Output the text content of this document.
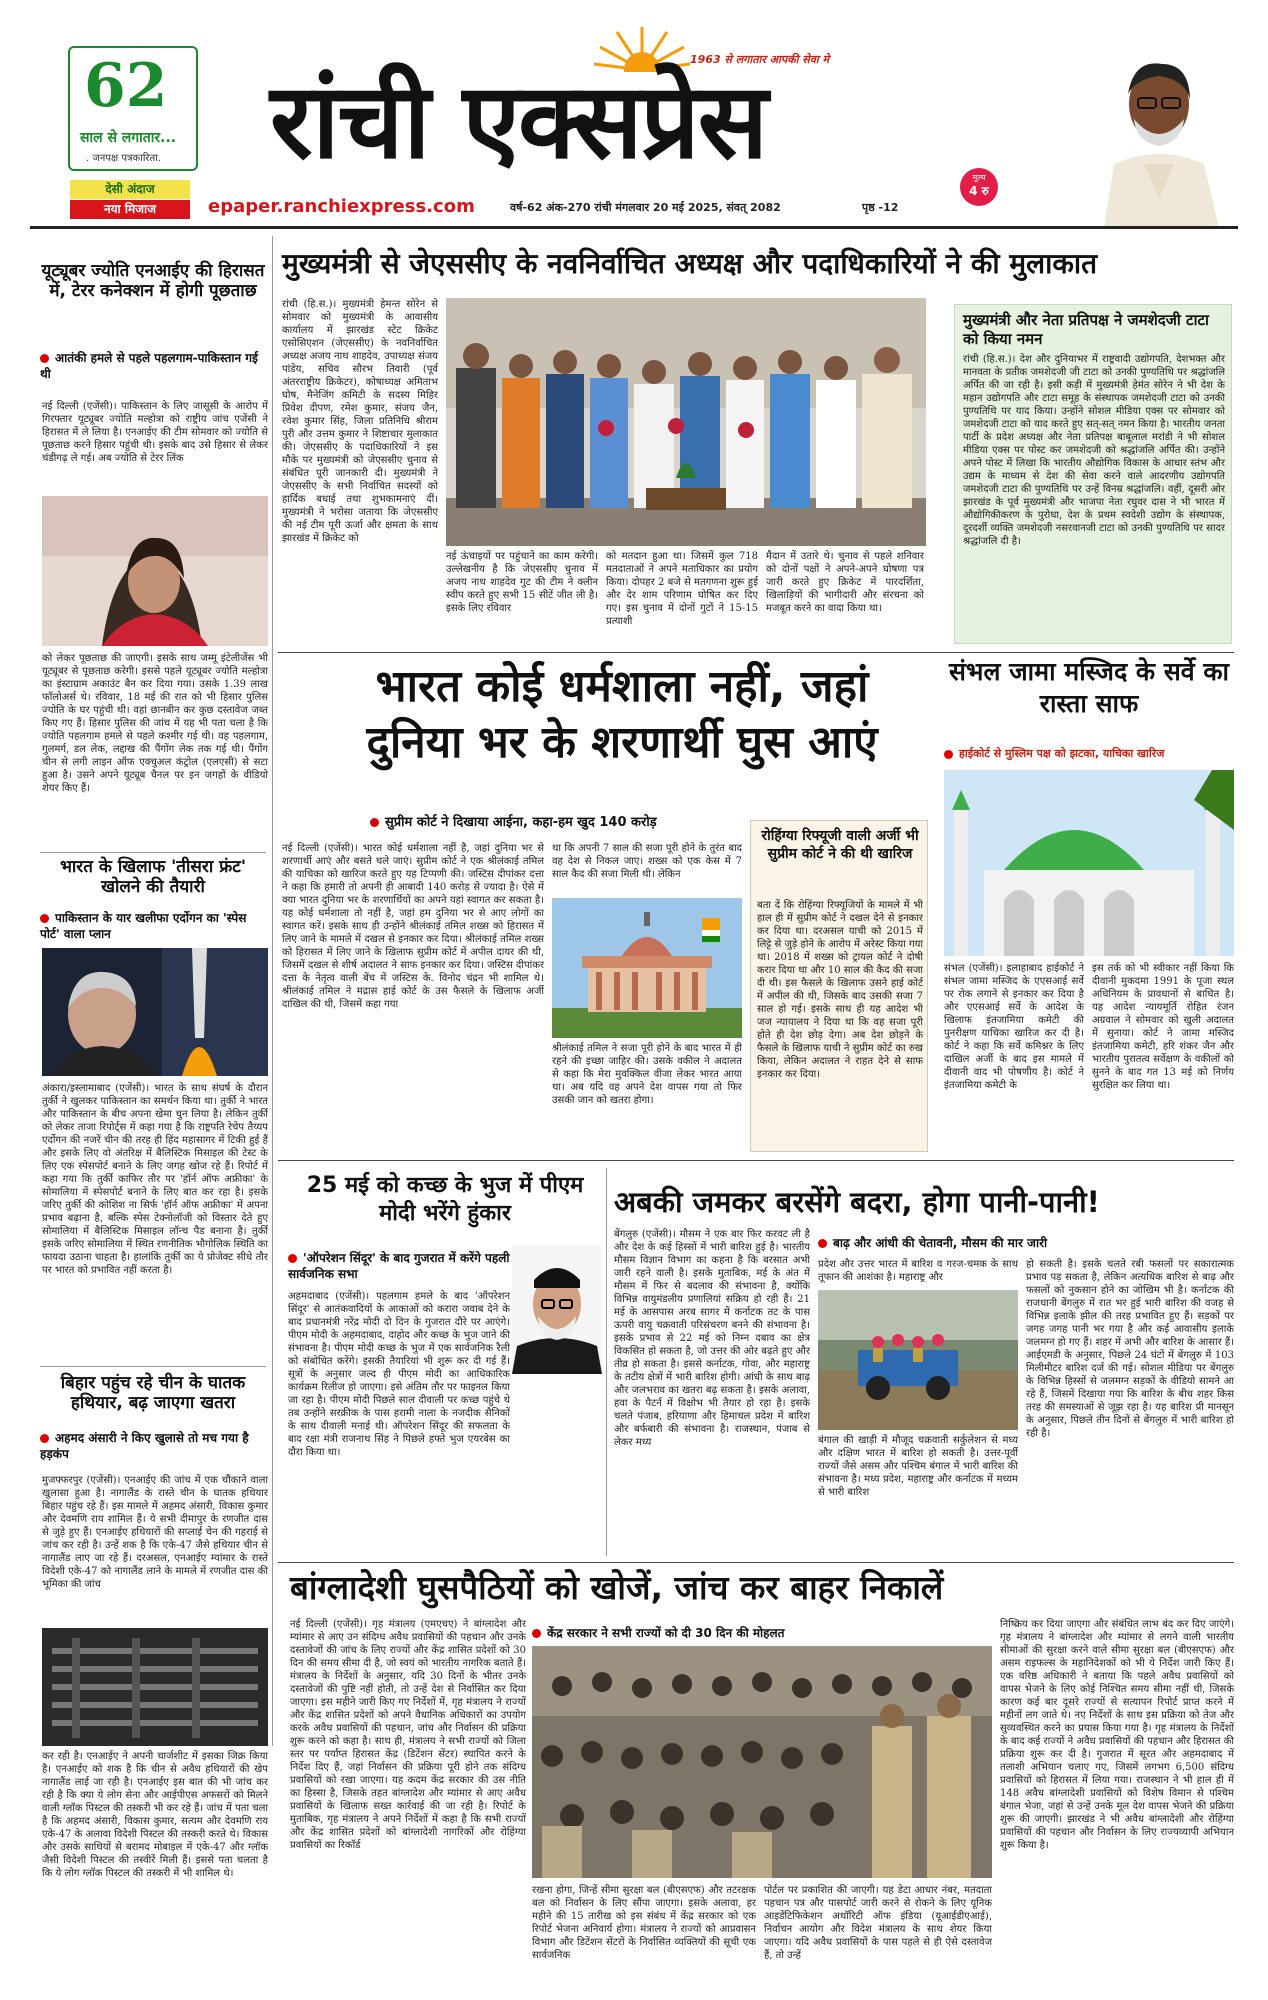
62
साल से लगातार...
. जनपक्ष पत्रकारिता.
देसी अंदाज
नया मिजाज
1963 से लगातार आपकी सेवा मे
रांची एक्सप्रेस	मूल्य
4 रु
epaper.ranchiexpress.com	वर्ष-62 अंक-270 रांची मंगलवार 20 मई 2025, संवत् 2082	पृष्ठ -12
यूट्यूबर ज्योति एनआईए की हिरासत में, टेरर कनेक्शन में होगी पूछताछ
आतंकी हमले से पहले पहलगाम-पाकिस्तान गई थी
नई दिल्ली (एजेंसी)। पाकिस्तान के लिए जासूसी के आरोप में गिरफ्तार यूट्यूबर ज्योति मल्होत्रा को राष्ट्रीय जांच एजेंसी ने हिरासत में ले लिया है। एनआईए की टीम सोमवार को ज्योति से पूछताछ करने हिसार पहुंची थी। इसके बाद उसे हिसार से लेकर चंडीगढ़ ले गई। अब ज्योति से टेरर लिंक
को लेकर पूछताछ की जाएगी। इसके साथ जम्मू इंटेलीजेंस भी यूट्यूबर से पूछताछ करेगी। इससे पहले यूट्यूबर ज्योति मल्होत्रा का इंस्टाग्राम अकाउंट बैन कर दिया गया। उसके 1.39 लाख फॉलोअर्स थे। रविवार, 18 मई की रात को भी हिसार पुलिस ज्योति के घर पहुंची थी। वहां छानबीन कर कुछ दस्तावेज जब्त किए गए हैं। हिसार पुलिस की जांच में यह भी पता चला है कि ज्योति पहलगाम हमले से पहले कश्मीर गई थी। वह पहलगाम, गुलमर्ग, डल लेक, लद्दाख की पैंगोंग लेक तक गई थी। पैंगोंग चीन से लगी लाइन ऑफ एक्चुअल कंट्रोल (एलएसी) से सटा हुआ है। उसने अपने यूट्यूब चैनल पर इन जगहों के वीडियो शेयर किए हैं।
भारत के खिलाफ 'तीसरा फ्रंट' खोलने की तैयारी
पाकिस्तान के यार खलीफा एर्दोगन का 'स्पेस पोर्ट' वाला प्लान
अंकारा/इस्लामाबाद (एजेंसी)। भारत के साथ संघर्ष के दौरान तुर्की ने खुलकर पाकिस्तान का समर्थन किया था। तुर्की ने भारत और पाकिस्तान के बीच अपना खेमा चुन लिया है। लेकिन तुर्की को लेकर ताजा रिपोर्ट्स में कहा गया है कि राष्ट्रपति रेचेप तैय्यप एर्दोगन की नजरें चीन की तरह ही हिंद महासागर में टिकी हुई हैं और इसके लिए वो अंतरिक्ष में बैलिस्टिक मिसाइल की टेस्ट के लिए एक स्पेसपोर्ट बनाने के लिए जगह खोज रहे हैं। रिपोर्ट में कहा गया कि तुर्की काफिर तौर पर 'हॉर्न ऑफ अफ्रीका' के सोमालिया में स्पेसपोर्ट बनाने के लिए बात कर रहा है। इसके जरिए तुर्की की कोशिश ना सिर्फ 'हॉर्न ऑफ अफ्रीका' में अपना प्रभाव बढ़ाना है, बल्कि स्पेस टेक्नोलॉजी को विस्तार देते हुए सोमालिया में बैलिस्टिक मिसाइल लॉन्च पैड बनाना है। तुर्की इसके जरिए सोमालिया में स्थित रणनीतिक भौगोलिक स्थिति का फायदा उठाना चाहता है। हालांकि तुर्की का ये प्रोजेक्ट सीधे तौर पर भारत को प्रभावित नहीं करता है।
बिहार पहुंच रहे चीन के घातक हथियार, बढ़ जाएगा खतरा
अहमद अंसारी ने किए खुलासे तो मच गया है हड़कंप
मुजफ्फरपुर (एजेंसी)। एनआईए की जांच में एक चौंकाने वाला खुलासा हुआ है। नागालैंड के रास्ते चीन के घातक हथियार बिहार पहुंच रहे हैं। इस मामले में अहमद अंसारी, विकास कुमार और देवमणि राय शामिल हैं। ये सभी दीमापुर के रणजीत दास से जुड़े हुए हैं। एनआईए हथियारों की सप्लाई चेन की गहराई से जांच कर रही है। उन्हें शक है कि एके-47 जैसे हथियार चीन से नागालैंड लाए जा रहे हैं। दरअसल, एनआईए म्यांमार के रास्ते विदेशी एके-47 को नागालैंड लाने के मामले में रणजीत दास की भूमिका की जांच
कर रही है। एनआईए ने अपनी चार्जशीट में इसका जिक्र किया है। एनआईए को शक है कि चीन से अवैध हथियारों की खेप नागालैंड लाई जा रही है। एनआईए इस बात की भी जांच कर रही है कि क्या ये लोग सेना और आईपीएस अफसरों को मिलने वाली ग्लॉक पिस्टल की तस्करी भी कर रहे हैं। जांच में पता चला है कि अहमद अंसारी, विकास कुमार, सत्यम और देवमणि राय एके-47 के अलावा विदेशी पिस्टल की तस्करी करते थे। विकास और उसके साथियों से बरामद मोबाइल में एके-47 और ग्लॉक जैसी विदेशी पिस्टल की तस्वीरें मिली हैं। इससे पता चलता है कि ये लोग ग्लॉक पिस्टल की तस्करी में भी शामिल थे।
मुख्यमंत्री से जेएससीए के नवनिर्वाचित अध्यक्ष और पदाधिकारियों ने की मुलाकात
रांची (हि.स.)। मुख्यमंत्री हेमन्त सोरेन से सोमवार को मुख्यमंत्री के आवासीय कार्यालय में झारखंड स्टेट क्रिकेट एसोसिएशन (जेएससीए) के नवनिर्वाचित अध्यक्ष अजय नाथ शाहदेव, उपाध्यक्ष संजय पांडेय, सचिव सौरभ तिवारी (पूर्व अंतरराष्ट्रीय क्रिकेटर), कोषाध्यक्ष अमिताभ घोष, मैनेजिंग कमिटी के सदस्य मिहिर प्रिवेश दीपण, रमेश कुमार, संजय जैन, रवेश कुमार सिंह, जिला प्रतिनिधि श्रीराम पुरी और उत्तम कुमार ने शिष्टाचार मुलाकात की। जेएससीए के पदाधिकारियों ने इस मौके पर मुख्यमंत्री को जेएससीए चुनाव से संबंधित पूरी जानकारी दी। मुख्यमंत्री ने जेएससीए के सभी निर्वाचित सदस्यों को हार्दिक बधाई तथा शुभकामनाएं दीं। मुख्यमंत्री ने भरोसा जताया कि जेएससीए की नई टीम पूरी ऊर्जा और क्षमता के साथ झारखंड में क्रिकेट को
नई ऊंचाइयों पर पहुंचाने का काम करेगी। उल्लेखनीय है कि जेएससीए चुनाव में अजय नाथ शाहदेव गुट की टीम ने क्लीन स्वीप करते हुए सभी 15 सीटें जीत ली है। इसके लिए रविवार
को मतदान हुआ था। जिसमें कुल 718 मतदाताओं ने अपने मताधिकार का प्रयोग किया। दोपहर 2 बजे से मतगणना शुरू हुई और देर शाम परिणाम घोषित कर दिए गए। इस चुनाव में दोनों गुटों ने 15-15 प्रत्याशी
मैदान में उतारे थे। चुनाव से पहले शनिवार को दोनों पक्षों ने अपने-अपने घोषणा पत्र जारी करते हुए क्रिकेट में पारदर्शिता, खिलाड़ियों की भागीदारी और संरचना को मजबूत करने का वादा किया था।
मुख्यमंत्री और नेता प्रतिपक्ष ने जमशेदजी टाटा को किया नमन
रांची (हि.स.)। देश और दुनियाभर में राष्ट्रवादी उद्योगपति, देशभक्त और मानवता के प्रतीक जमशेदजी जी टाटा को उनकी पुण्यतिथि पर श्रद्धांजलि अर्पित की जा रही है। इसी कड़ी में मुख्यमंत्री हेमंत सोरेन ने भी देश के महान उद्योगपति और टाटा समूह के संस्थापक जमशेदजी टाटा को उनकी पुण्यतिथि पर याद किया। उन्होंने सोशल मीडिया एक्स पर सोमवार को जमशेदजी टाटा को याद करते हुए सत्-सत् नमन किया है। भारतीय जनता पार्टी के प्रदेश अध्यक्ष और नेता प्रतिपक्ष बाबूलाल मरांडी ने भी सोशल मीडिया एक्स पर पोस्ट कर जमशेदजी को श्रद्धांजलि अर्पित की। उन्होंने अपने पोस्ट में लिखा कि भारतीय औद्योगिक विकास के आधार स्तंभ और उद्यम के माध्यम से देश की सेवा करने वाले आदरणीय उद्योगपति जमशेदजी टाटा की पुण्यतिथि पर उन्हें विनम्र श्रद्धांजलि। वहीं, दूसरी ओर झारखंड के पूर्व मुख्यमंत्री और भाजपा नेता रघुवर दास ने भी भारत में औद्योगिकीकरण के पुरोधा, देश के प्रथम स्वदेशी उद्योग के संस्थापक, दूरदर्शी व्यक्ति जमशेदजी नसरवानजी टाटा को उनकी पुण्यतिथि पर सादर श्रद्धांजलि दी है।
भारत कोई धर्मशाला नहीं, जहां
दुनिया भर के शरणार्थी घुस आएं
सुप्रीम कोर्ट ने दिखाया आईना, कहा-हम खुद 140 करोड़
नई दिल्ली (एजेंसी)। भारत कोई धर्मशाला नहीं है, जहां दुनिया भर से शरणार्थी आएं और बसते चले जाएं। सुप्रीम कोर्ट ने एक श्रीलंकाई तमिल की याचिका को खारिज करते हुए यह टिप्पणी की। जस्टिस दीपांकर दत्ता ने कहा कि हमारी तो अपनी ही आबादी 140 करोड़ से ज्यादा है। ऐसे में क्या भारत दुनिया भर के शरणार्थियों का अपने यहां स्वागत कर सकता है। यह कोई धर्मशाला तो नहीं है, जहां हम दुनिया भर से आए लोगों का स्वागत करें। इसके साथ ही उन्होंने श्रीलंकाई तमिल शख्स को हिरासत में लिए जाने के मामले में दखल से इनकार कर दिया। श्रीलंकाई तमिल शख्स को हिरासत में लिए जाने के खिलाफ सुप्रीम कोर्ट में अपील दायर की थी, जिसमें दखल से शीर्ष अदालत ने साफ इनकार कर दिया। जस्टिस दीपांकर दत्ता के नेतृत्व वाली बेंच में जस्टिस के. विनोद चंद्रन भी शामिल थे। श्रीलंकाई तमिल ने मद्रास हाई कोर्ट के उस फैसले के खिलाफ अर्जी दाखिल की थी, जिसमें कहा गया
था कि अपनी 7 साल की सजा पूरी होने के तुरंत बाद वह देश से निकल जाए। शख्स को एक केस में 7 साल कैद की सजा मिली थी। लेकिन
श्रीलंकाई तमिल ने सजा पूरी होने के बाद भारत में ही रहने की इच्छा जाहिर की। उसके वकील ने अदालत से कहा कि मेरा मुवक्किल वीजा लेकर भारत आया था। अब यदि वह अपने देश वापस गया तो फिर उसकी जान को खतरा होगा।
रोहिंग्या रिफ्यूजी वाली अर्जी भी सुप्रीम कोर्ट ने की थी खारिज
बता दें कि रोहिंग्या रिफ्यूजियों के मामले में भी हाल ही में सुप्रीम कोर्ट ने दखल देने से इनकार कर दिया था। दरअसल याची को 2015 में लिट्टे से जुड़े होने के आरोप में अरेस्ट किया गया था। 2018 में शख्स को ट्रायल कोर्ट ने दोषी करार दिया था और 10 साल की कैद की सजा दी थी। इस फैसले के खिलाफ उसने हाई कोर्ट में अपील की थी, जिसके बाद उसकी सजा 7 साल हो गई। इसके साथ ही यह आदेश भी जज न्यायालय ने दिया था कि वह सजा पूरी होते ही देश छोड़ देगा। अब देश छोड़ने के फैसले के खिलाफ याची ने सुप्रीम कोर्ट का रुख किया, लेकिन अदालत ने राहत देने से साफ इनकार कर दिया।
संभल जामा मस्जिद के सर्वे का रास्ता साफ
हाईकोर्ट से मुस्लिम पक्ष को झटका, याचिका खारिज
संभल (एजेंसी)। इलाहाबाद हाईकोर्ट ने संभल जामा मस्जिद के एएसआई सर्वे पर रोक लगाने से इनकार कर दिया है और एएसआई सर्वे के आदेश के खिलाफ इंतजामिया कमेटी की पुनरीक्षण याचिका खारिज कर दी है। कोर्ट ने कहा कि सर्वे कमिश्नर के लिए दाखिल अर्जी के बाद इस मामले में दीवानी वाद भी पोषणीय है। कोर्ट ने इंतजामिया कमेटी के
इस तर्क को भी स्वीकार नहीं किया कि दीवानी मुकदमा 1991 के पूजा स्थल अधिनियम के प्रावधानों से बाधित है। यह आदेश न्यायमूर्ति रोहित रंजन अग्रवाल ने सोमवार को खुली अदालत में सुनाया। कोर्ट ने जामा मस्जिद इंतजामिया कमेटी, हरि शंकर जैन और भारतीय पुरातत्व सर्वेक्षण के वकीलों को सुनने के बाद गत 13 मई को निर्णय सुरक्षित कर लिया था।
25 मई को कच्छ के भुज में पीएम मोदी भरेंगे हुंकार
'ऑपरेशन सिंदूर' के बाद गुजरात में करेंगे पहली सार्वजनिक सभा
अहमदाबाद (एजेंसी)। पहलगाम हमले के बाद 'ऑपरेशन सिंदूर' से आतंकवादियों के आकाओं को करारा जवाब देने के बाद प्रधानमंत्री नरेंद्र मोदी दो दिन के गुजरात दौरे पर आएंगे। पीएम मोदी के अहमदाबाद, दाहोद और कच्छ के भुज जाने की संभावना है। पीएम मोदी कच्छ के भुज में एक सार्वजनिक रैली को संबोधित करेंगे। इसकी तैयारियां भी शुरू कर दी गई हैं। सूत्रों के अनुसार जल्द ही पीएम मोदी का आधिकारिक कार्यक्रम रिलीज हो जाएगा। इसे अंतिम तौर पर फाइनल किया जा रहा है। पीएम मोदी पिछले साल दीवाली पर कच्छ पहुंचे थे तब उन्होंने सरक्रीक के पास हरामी नाला के नजदीक सैनिकों के साथ दीवाली मनाई थी। ऑपरेशन सिंदूर की सफलता के बाद रक्षा मंत्री राजनाथ सिंह ने पिछले हफ्ते भुज एयरबेस का दौरा किया था।
अबकी जमकर बरसेंगे बदरा, होगा पानी-पानी!
बेंगलुरु (एजेंसी)। मौसम ने एक बार फिर करवट ली है और देश के कई हिस्सों में भारी बारिश हुई है। भारतीय मौसम विज्ञान विभाग का कहना है कि बरसात अभी जारी रहने वाली है। इसके मुताबिक, मई के अंत में मौसम में फिर से बदलाव की संभावना है, क्योंकि विभिन्न वायुमंडलीय प्रणालियां सक्रिय हो रही हैं। 21 मई के आसपास अरब सागर में कर्नाटक तट के पास ऊपरी वायु चक्रवाती परिसंचरण बनने की संभावना है। इसके प्रभाव से 22 मई को निम्न दबाव का क्षेत्र विकसित हो सकता है, जो उत्तर की ओर बढ़ते हुए और तीव्र हो सकता है। इससे कर्नाटक, गोवा, और महाराष्ट्र के तटीय क्षेत्रों में भारी बारिश होगी। आंधी के साथ बाढ़ और जलभराव का खतरा बढ़ सकता है। इसके अलावा, हवा के पैटर्न में विक्षोभ भी तैयार हो रहा है। इसके चलते पंजाब, हरियाणा और हिमाचल प्रदेश में बारिश और बर्फबारी की संभावना है। राजस्थान, पंजाब से लेकर मध्य
बाढ़ और आंधी की चेतावनी, मौसम की मार जारी
प्रदेश और उत्तर भारत में बारिश व गरज-चमक के साथ तूफान की आशंका है। महाराष्ट्र और
बंगाल की खाड़ी में मौजूद चक्रवाती सर्कुलेशन से मध्य और दक्षिण भारत में बारिश हो सकती है। उत्तर-पूर्वी राज्यों जैसे असम और पश्चिम बंगाल में भारी बारिश की संभावना है। मध्य प्रदेश, महाराष्ट्र और कर्नाटक में मध्यम से भारी बारिश
हो सकती है। इसके चलते रबी फसलों पर सकारात्मक प्रभाव पड़ सकता है, लेकिन अत्यधिक बारिश से बाढ़ और फसलों को नुकसान होने का जोखिम भी है। कर्नाटक की राजधानी बेंगलुरु में रात भर हुई भारी बारिश की वजह से विभिन्न इलाके झील की तरह प्रभावित हुए हैं। सड़कों पर जगह जगह पानी भर गया है और कई आवासीय इलाके जलमग्न हो गए हैं। शहर में अभी और बारिश के आसार हैं। आईएमडी के अनुसार, पिछले 24 घंटों में बेंगलुरु में 103 मिलीमीटर बारिश दर्ज की गई। सोशल मीडिया पर बेंगलुरु के विभिन्न हिस्सों से जलमग्न सड़कों के वीडियो सामने आ रहे हैं, जिसमें दिखाया गया कि बारिश के बीच शहर किस तरह की समस्याओं से जूझ रहा है। यह बारिश प्री मानसून के अनुसार, पिछले तीन दिनों से बेंगलुरु में भारी बारिश हो रही है।
बांग्लादेशी घुसपैठियों को खोजें, जांच कर बाहर निकालें
नई दिल्ली (एजेंसी)। गृह मंत्रालय (एमएचए) ने बांग्लादेश और म्यांमार से आए उन संदिग्ध अवैध प्रवासियों की पहचान और उनके दस्तावेजों की जांच के लिए राज्यों और केंद्र शासित प्रदेशों को 30 दिन की समय सीमा दी है, जो स्वयं को भारतीय नागरिक बताते हैं। मंत्रालय के निर्देशों के अनुसार, यदि 30 दिनों के भीतर उनके दस्तावेजों की पुष्टि नहीं होती, तो उन्हें देश से निर्वासित कर दिया जाएगा। इस महीने जारी किए गए निर्देशों में, गृह मंत्रालय ने राज्यों और केंद्र शासित प्रदेशों को अपने वैधानिक अधिकारों का उपयोग करके अवैध प्रवासियों की पहचान, जांच और निर्वासन की प्रक्रिया शुरू करने को कहा है। साथ ही, मंत्रालय ने सभी राज्यों को जिला स्तर पर पर्याप्त हिरासत केंद्र (डिटेंशन सेंटर) स्थापित करने के निर्देश दिए हैं, जहां निर्वासन की प्रक्रिया पूरी होने तक संदिग्ध प्रवासियों को रखा जाएगा। यह कदम केंद्र सरकार की उस नीति का हिस्सा है, जिसके तहत बांग्लादेश और म्यांमार से आए अवैध प्रवासियों के खिलाफ सख्त कार्रवाई की जा रही है। रिपोर्ट के मुताबिक, गृह मंत्रालय ने अपने निर्देशों में कहा है कि सभी राज्यों और केंद्र शासित प्रदेशों को बांग्लादेशी नागरिकों और रोहिंग्या प्रवासियों का रिकॉर्ड
केंद्र सरकार ने सभी राज्यों को दी 30 दिन की मोहलत
रखना होगा, जिन्हें सीमा सुरक्षा बल (बीएसएफ) और तटरक्षक बल को निर्वासन के लिए सौंपा जाएगा। इसके अलावा, हर महीने की 15 तारीख को इस संबंध में केंद्र सरकार को एक रिपोर्ट भेजना अनिवार्य होगा। मंत्रालय ने राज्यों को आप्रवासन विभाग और डिटेंशन सेंटरों के निर्वासित व्यक्तियों की सूची एक सार्वजनिक
पोर्टल पर प्रकाशित की जाएगी। यह डेटा आधार नंबर, मतदाता पहचान पत्र और पासपोर्ट जारी करने से रोकने के लिए यूनिक आइडेंटिफिकेशन अथॉरिटी ऑफ इंडिया (यूआईडीएआई), निर्वाचन आयोग और विदेश मंत्रालय के साथ शेयर किया जाएगा। यदि अवैध प्रवासियों के पास पहले से ही ऐसे दस्तावेज हैं, तो उन्हें
निष्क्रिय कर दिया जाएगा और संबंधित लाभ बंद कर दिए जाएंगे। गृह मंत्रालय ने बांग्लादेश और म्यांमार से लगने वाली भारतीय सीमाओं की सुरक्षा करने वाले सीमा सुरक्षा बल (बीएसएफ) और असम राइफल्स के महानिदेशकों को भी ये निर्देश जारी किए हैं। एक वरिष्ठ अधिकारी ने बताया कि पहले अवैध प्रवासियों को वापस भेजने के लिए कोई निश्चित समय सीमा नहीं थी, जिसके कारण कई बार दूसरे राज्यों से सत्यापन रिपोर्ट प्राप्त करने में महीनों लग जाते थे। नए निर्देशों के साथ इस प्रक्रिया को तेज और सुव्यवस्थित करने का प्रयास किया गया है। गृह मंत्रालय के निर्देशों के बाद कई राज्यों ने अवैध प्रवासियों की पहचान और हिरासत की प्रक्रिया शुरू कर दी है। गुजरात में सूरत और अहमदाबाद में तलाशी अभियान चलाए गए, जिसमें लगभग 6,500 संदिग्ध प्रवासियों को हिरासत में लिया गया। राजस्थान ने भी हाल ही में 148 अवैध बांग्लादेशी प्रवासियों को विशेष विमान से पश्चिम बंगाल भेजा, जहां से उन्हें उनके मूल देश वापस भेजने की प्रक्रिया शुरू की जाएगी। झारखंड ने भी अवैध बांग्लादेशी और रोहिंग्या प्रवासियों की पहचान और निर्वासन के लिए राज्यव्यापी अभियान शुरू किया है।
